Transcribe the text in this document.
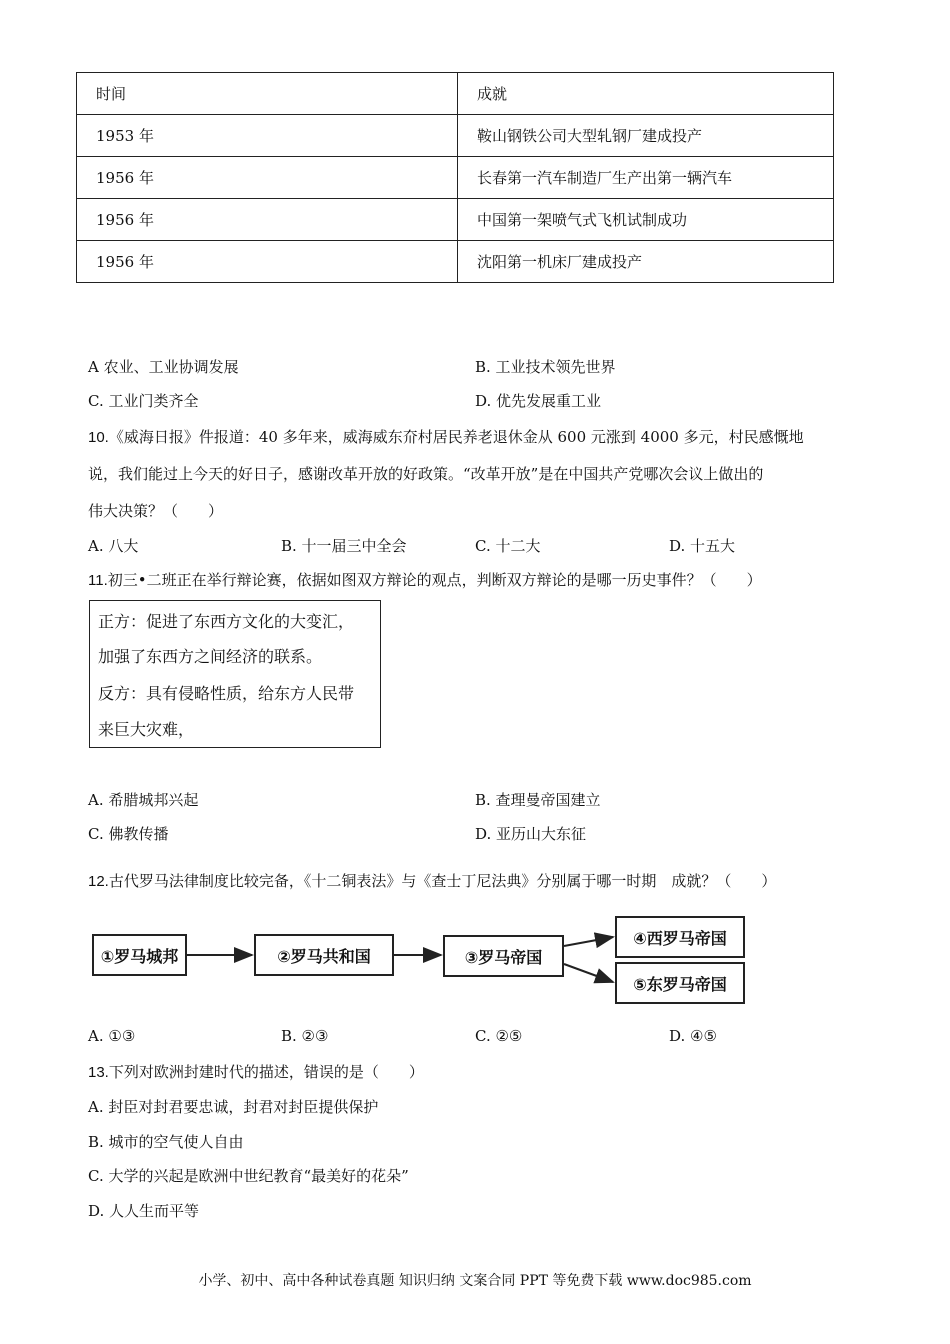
时间	成就
1953 年	鞍山钢铁公司大型轧钢厂建成投产
1956 年	长春第一汽车制造厂生产出第一辆汽车
1956 年	中国第一架喷气式飞机试制成功
1956 年	沈阳第一机床厂建成投产
A 农业、工业协调发展	B. 工业技术领先世界
C. 工业门类齐全	D. 优先发展重工业
10.《威海日报》件报道：40 多年来，威海威东夼村居民养老退休金从 600 元涨到 4000 多元，村民感慨地
说，我们能过上今天的好日子，感谢改革开放的好政策。“改革开放”是在中国共产党哪次会议上做出的
伟大决策？（　　）
A. 八大	B. 十一届三中全会	C. 十二大	D. 十五大
11.初三•二班正在举行辩论赛，依据如图双方辩论的观点，判断双方辩论的是哪一历史事件？（　　）
正方：促进了东西方文化的大变汇，
加强了东西方之间经济的联系。
反方：具有侵略性质，给东方人民带
来巨大灾难，
A. 希腊城邦兴起	B. 查理曼帝国建立
C. 佛教传播	D. 亚历山大东征
12.古代罗马法律制度比较完备，《十二铜表法》与《查士丁尼法典》分别属于哪一时期　成就？（　　）
①罗马城邦	②罗马共和国	③罗马帝国
④西罗马帝国
⑤东罗马帝国
A. ①③	B. ②③	C. ②⑤	D. ④⑤
13.下列对欧洲封建时代的描述，错误的是（　　）
A. 封臣对封君要忠诚，封君对封臣提供保护
B. 城市的空气使人自由
C. 大学的兴起是欧洲中世纪教育“最美好的花朵”
D. 人人生而平等
小学、初中、高中各种试卷真题 知识归纳 文案合同 PPT 等免费下载 www.doc985.com
